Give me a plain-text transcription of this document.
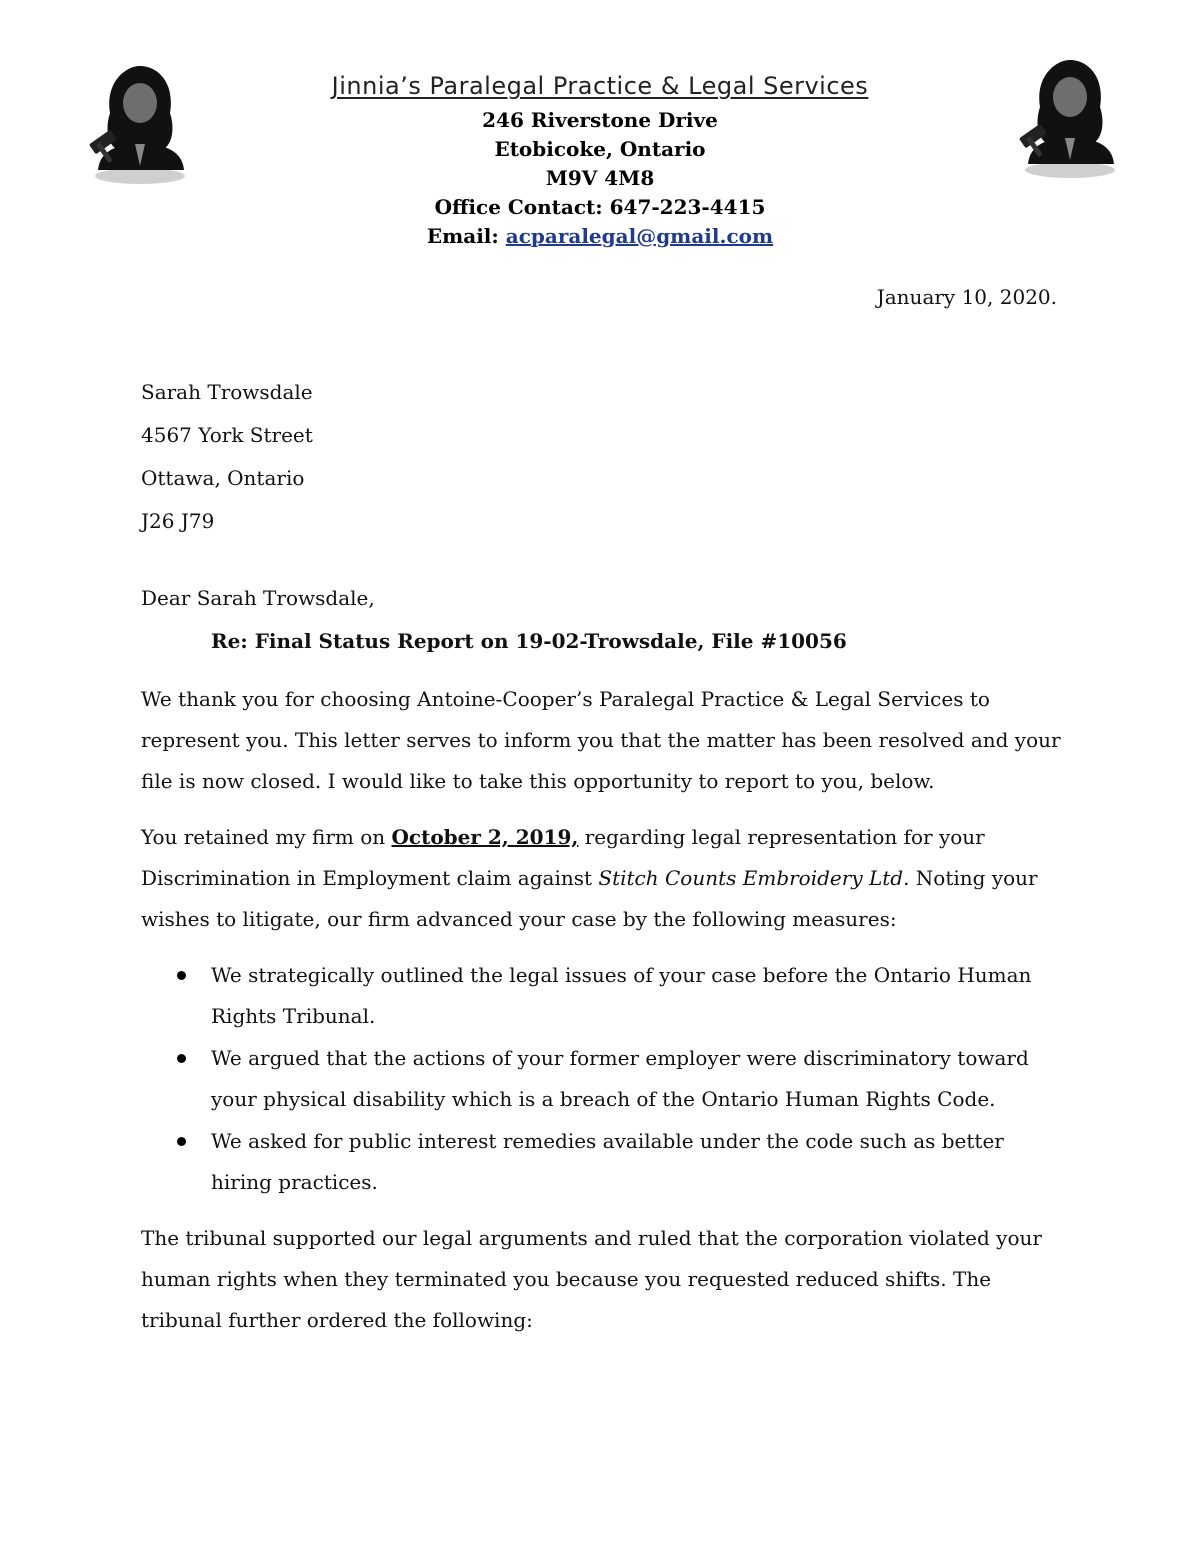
Jinnia’s Paralegal Practice & Legal Services
246 Riverstone Drive
Etobicoke, Ontario
M9V 4M8
Office Contact: 647-223-4415
Email: acparalegal@gmail.com
January 10, 2020.
Sarah Trowsdale
4567 York Street
Ottawa, Ontario
J26 J79
Dear Sarah Trowsdale,
Re: Final Status Report on 19-02-Trowsdale, File #10056
We thank you for choosing Antoine-Cooper’s Paralegal Practice & Legal Services to represent you. This letter serves to inform you that the matter has been resolved and your file is now closed. I would like to take this opportunity to report to you, below.
You retained my firm on October 2, 2019, regarding legal representation for your Discrimination in Employment claim against Stitch Counts Embroidery Ltd. Noting your wishes to litigate, our firm advanced your case by the following measures:
We strategically outlined the legal issues of your case before the Ontario Human Rights Tribunal.
We argued that the actions of your former employer were discriminatory toward your physical disability which is a breach of the Ontario Human Rights Code.
We asked for public interest remedies available under the code such as better hiring practices.
The tribunal supported our legal arguments and ruled that the corporation violated your human rights when they terminated you because you requested reduced shifts. The tribunal further ordered the following:
